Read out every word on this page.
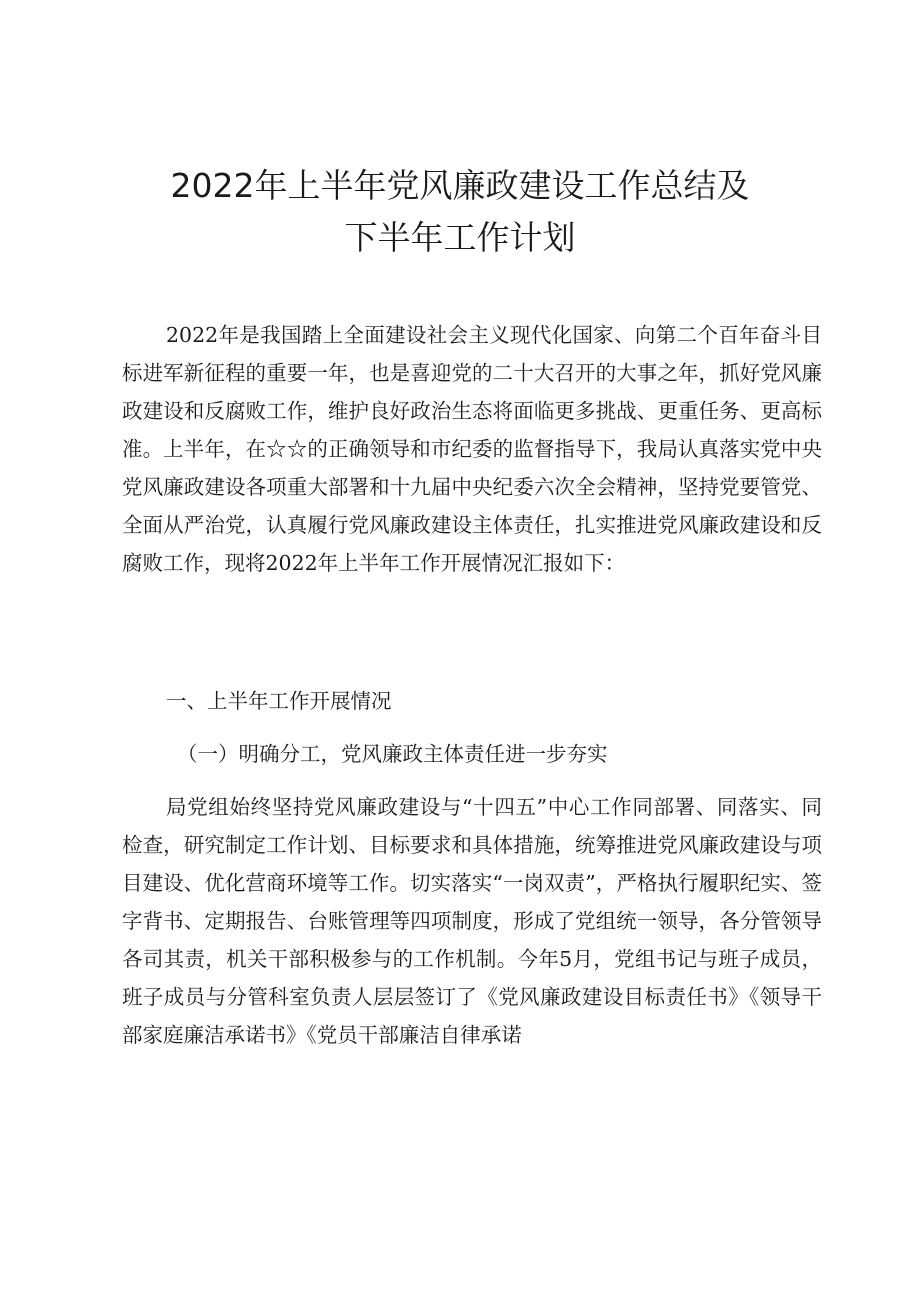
2022年上半年党风廉政建设工作总结及
下半年工作计划

2022年是我国踏上全面建设社会主义现代化国家、向第二个百年奋斗目标进军新征程的重要一年，也是喜迎党的二十大召开的大事之年，抓好党风廉政建设和反腐败工作，维护良好政治生态将面临更多挑战、更重任务、更高标准。上半年，在☆☆的正确领导和市纪委的监督指导下，我局认真落实党中央党风廉政建设各项重大部署和十九届中央纪委六次全会精神，坚持党要管党、全面从严治党，认真履行党风廉政建设主体责任，扎实推进党风廉政建设和反腐败工作，现将2022年上半年工作开展情况汇报如下：

一、上半年工作开展情况

（一）明确分工，党风廉政主体责任进一步夯实

局党组始终坚持党风廉政建设与“十四五”中心工作同部署、同落实、同检查，研究制定工作计划、目标要求和具体措施，统筹推进党风廉政建设与项目建设、优化营商环境等工作。切实落实“一岗双责”，严格执行履职纪实、签字背书、定期报告、台账管理等四项制度，形成了党组统一领导，各分管领导各司其责，机关干部积极参与的工作机制。今年5月，党组书记与班子成员，班子成员与分管科室负责人层层签订了《党风廉政建设目标责任书》《领导干部家庭廉洁承诺书》《党员干部廉洁自律承诺
